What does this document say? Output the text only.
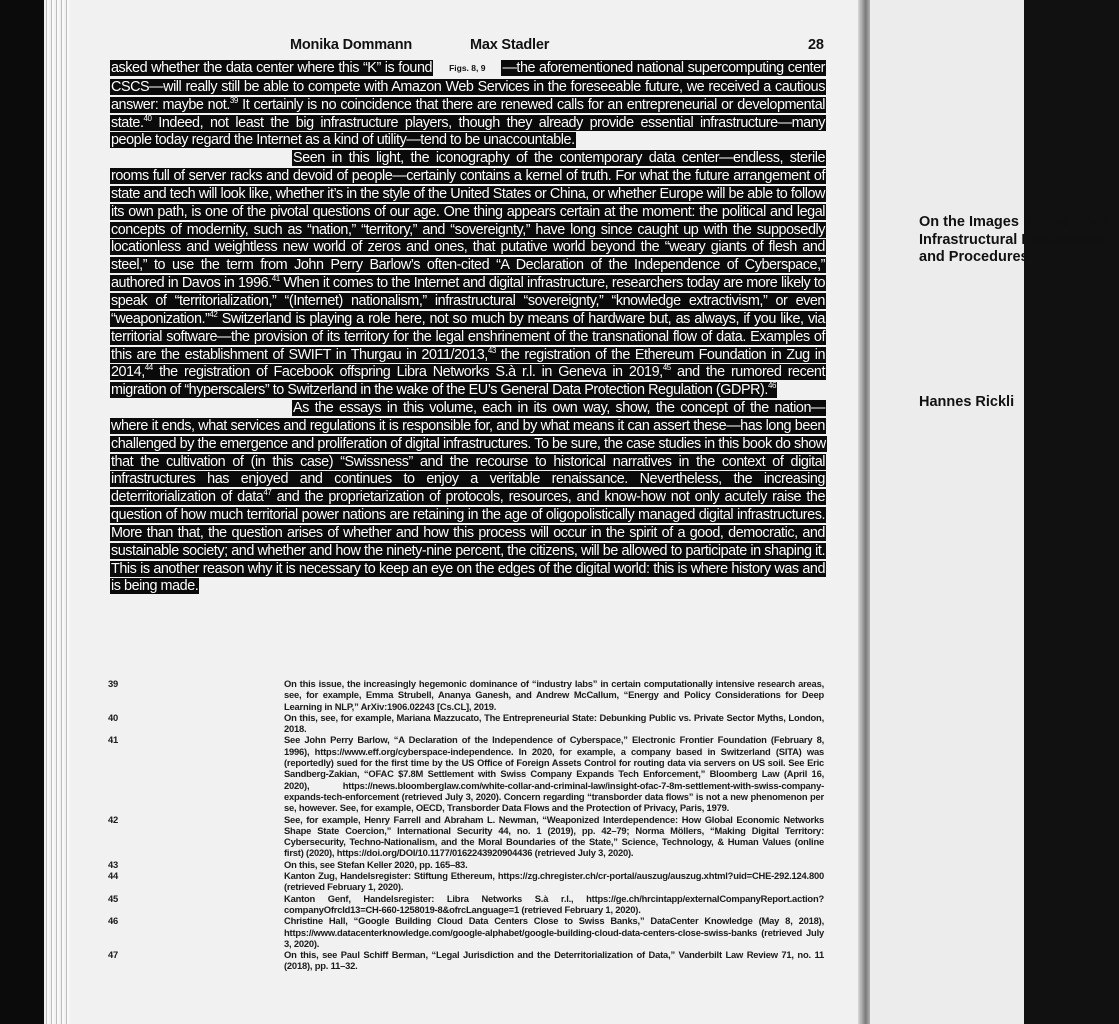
Monika Dommann	Max Stadler	28

asked whether the data center where this “K” is found Figs. 8, 9 —the aforementioned national supercomputing center CSCS—will really still be able to compete with Amazon Web Services in the foreseeable future, we received a cautious answer: maybe not.$^{39}$ It certainly is no coincidence that there are renewed calls for an entrepreneurial or developmental state.$^{40}$ Indeed, not least the big infrastructure players, though they already provide essential infrastructure—many people today regard the Internet as a kind of utility—tend to be unaccountable.

Seen in this light, the iconography of the contemporary data center—endless, sterile rooms full of server racks and devoid of people—certainly contains a kernel of truth. For what the future arrangement of state and tech will look like, whether it’s in the style of the United States or China, or whether Europe will be able to follow its own path, is one of the pivotal questions of our age. One thing appears certain at the moment: the political and legal concepts of modernity, such as “nation,” “territory,” and “sovereignty,” have long since caught up with the supposedly locationless and weightless new world of zeros and ones, that putative world beyond the “weary giants of flesh and steel,” to use the term from John Perry Barlow’s often-cited “A Declaration of the Independence of Cyberspace,” authored in Davos in 1996.41 When it comes to the Internet and digital infrastructure, researchers today are more likely to speak of “territorialization,” “(Internet) nationalism,” infrastructural “sovereignty,” “knowledge extractivism,” or even “weaponization.”$^{42}$ Switzerland is playing a role here, not so much by means of hardware but, as always, if you like, via territorial software—the provision of its territory for the legal enshrinement of the transnational flow of data. Examples of this are the establishment of SWIFT in Thurgau in 2011/2013,43 the registration of the Ethereum Foundation in Zug in 2014,44 the registration of Facebook offspring Libra Networks S.à r.l. in Geneva in 2019,45 and the rumored recent migration of “hyperscalers” to Switzerland in the wake of the EU’s General Data Protection Regulation (GDPR).$^{46}$

As the essays in this volume, each in its own way, show, the concept of the nation—where it ends, what services and regulations it is responsible for, and by what means it can assert these—has long been challenged by the emergence and proliferation of digital infrastructures. To be sure, the case studies in this book do show that the cultivation of (in this case) “Swissness” and the recourse to historical narratives in the context of digital infrastructures has enjoyed and continues to enjoy a veritable renaissance. Nevertheless, the increasing deterritorialization of data$^{47}$ and the proprietarization of protocols, resources, and know-how not only acutely raise the question of how much territorial power nations are retaining in the age of oligopolistically managed digital infrastructures. More than that, the question arises of whether and how this process will occur in the spirit of a good, democratic, and sustainable society; and whether and how the ninety-nine percent, the citizens, will be allowed to participate in shaping it. This is another reason why it is necessary to keep an eye on the edges of the digital world: this is where history was and is being made.

39	On this issue, the increasingly hegemonic dominance of “industry labs” in certain computationally intensive research areas, see, for example, Emma Strubell, Ananya Ganesh, and Andrew McCallum, “Energy and Policy Considerations for Deep Learning in NLP,” ArXiv:1906.02243 [Cs.CL], 2019.

40	On this, see, for example, Mariana Mazzucato, The Entrepreneurial State: Debunking Public vs. Private Sector Myths, London, 2018.

41	See John Perry Barlow, “A Declaration of the Independence of Cyberspace,” Electronic Frontier Foundation (February 8, 1996), https://www.eff.org/cyberspace-independence. In 2020, for example, a company based in Switzerland (SITA) was (reportedly) sued for the first time by the US Office of Foreign Assets Control for routing data via servers on US soil. See Eric Sandberg-Zakian, “OFAC $7.8M Settlement with Swiss Company Expands Tech Enforcement,” Bloomberg Law (April 16, 2020), https://news.bloomberglaw.com/white-collar-and-criminal-law/insight-ofac-7-8m-settlement-with-swiss-company-expands-tech-enforcement (retrieved July 3, 2020). Concern regarding “transborder data flows” is not a new phenomenon per se, however. See, for example, OECD, Transborder Data Flows and the Protection of Privacy, Paris, 1979.

42	See, for example, Henry Farrell and Abraham L. Newman, “Weaponized Interdependence: How Global Economic Networks Shape State Coercion,” International Security 44, no. 1 (2019), pp. 42–79; Norma Möllers, “Making Digital Territory: Cybersecurity, Techno-Nationalism, and the Moral Boundaries of the State,” Science, Technology, & Human Values (online first) (2020), https://doi.org/DOI/10.1177/0162243920904436 (retrieved July 3, 2020).

43	On this, see Stefan Keller 2020, pp. 165–83.

44	Kanton Zug, Handelsregister: Stiftung Ethereum, https://zg.chregister.ch/cr-portal/auszug/auszug.xhtml?uid=CHE-292.124.800 (retrieved February 1, 2020).

45	Kanton Genf, Handelsregister: Libra Networks S.à r.l., https://ge.ch/hrcintapp/externalCompanyReport.action?companyOfrcId13=CH-660-1258019-8&ofrcLanguage=1 (retrieved February 1, 2020).

46	Christine Hall, “Google Building Cloud Data Centers Close to Swiss Banks,” DataCenter Knowledge (May 8, 2018), https://www.datacenterknowledge.com/google-alphabet/google-building-cloud-data-centers-close-swiss-banks (retrieved July 3, 2020).

47	On this, see Paul Schiff Berman, “Legal Jurisdiction and the Deterritorialization of Data,” Vanderbilt Law Review 71, no. 11 (2018), pp. 11–32.

On the Images in This Book: Infrastructural Landscapes and Procedures
Hannes Rickli
